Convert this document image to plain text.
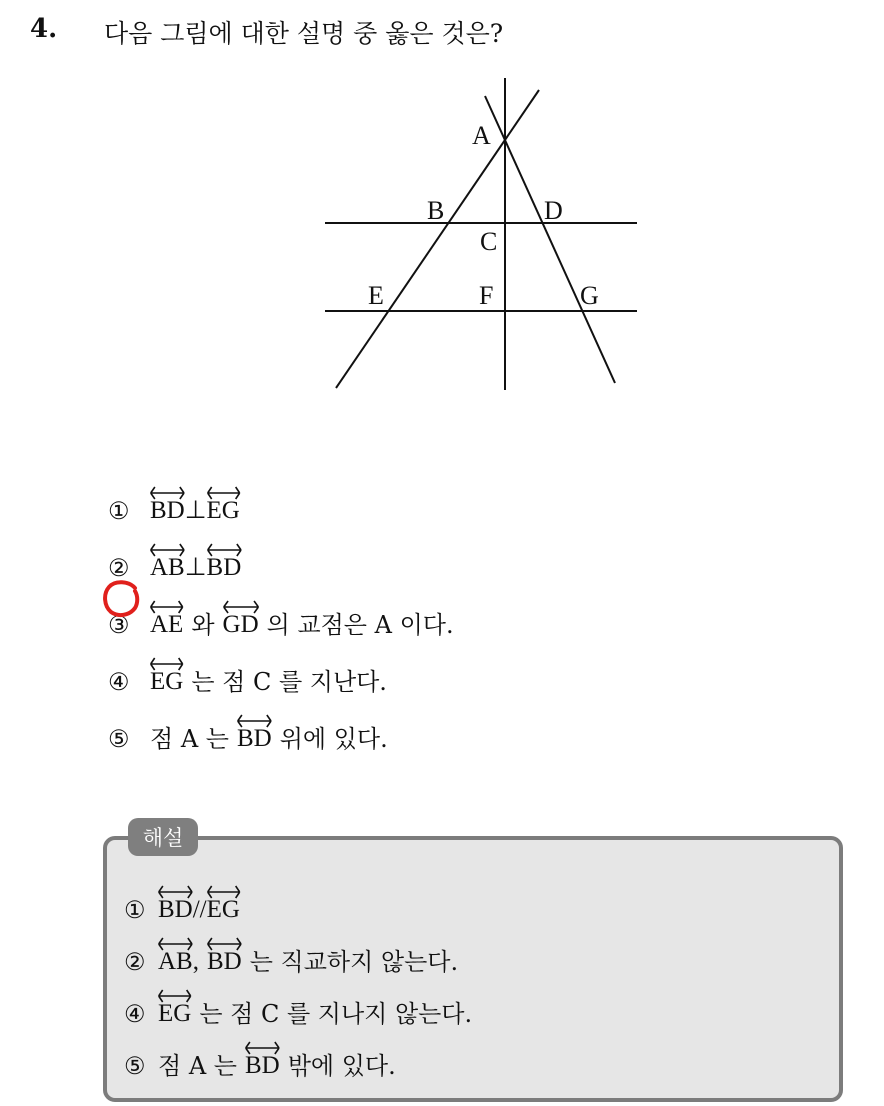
4. 다음 그림에 대한 설명 중 옳은 것은?
A
B	D
C
E	F	G
① BD ⊥ EG
② AB ⊥ BD
③ AE 와 GD 의 교점은 A 이다.
④ EG 는 점 C 를 지난다.
⑤ 점 A 는 BD 위에 있다.
해설
① BD // EG
② AB , BD 는 직교하지 않는다.
④ EG 는 점 C 를 지나지 않는다.
⑤ 점 A 는 BD 밖에 있다.
